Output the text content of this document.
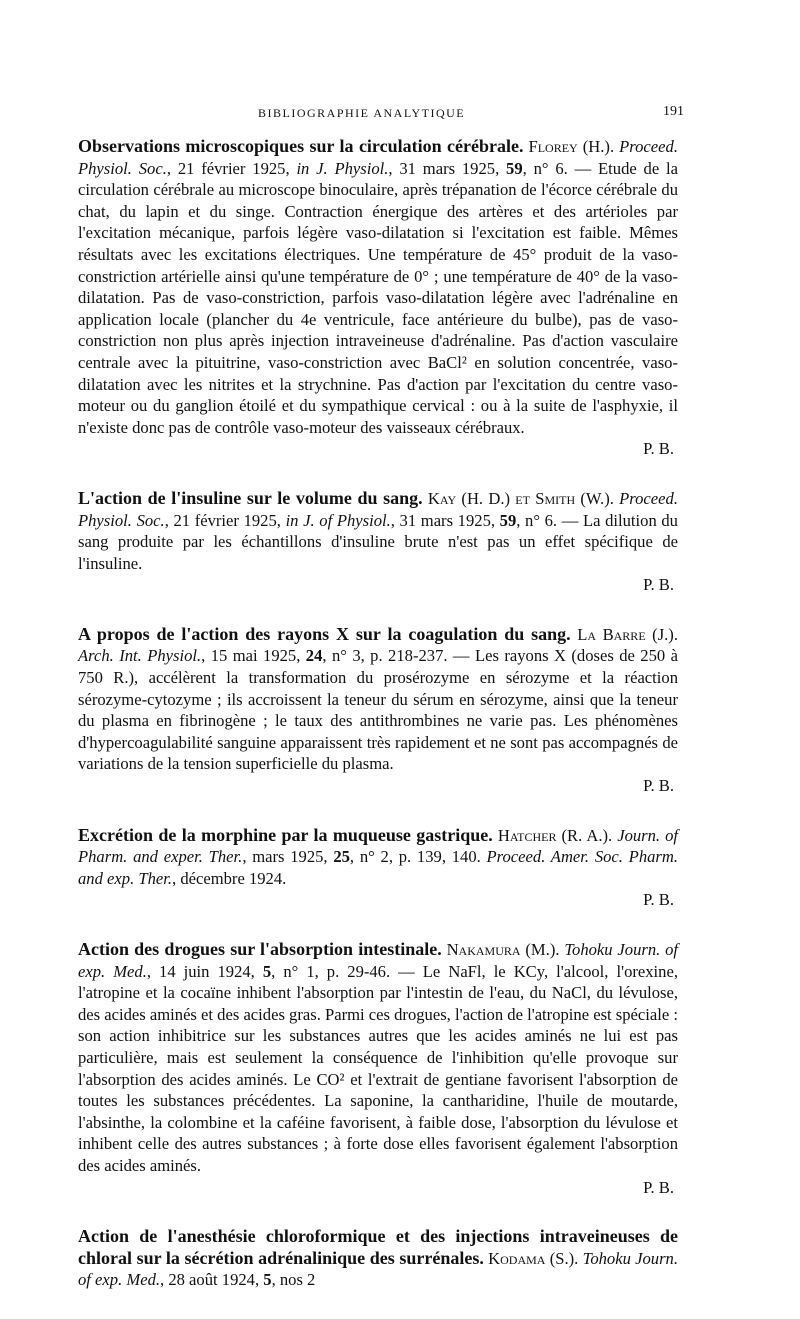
BIBLIOGRAPHIE ANALYTIQUE	191

Observations microscopiques sur la circulation cérébrale. Florey (H.). Proceed. Physiol. Soc., 21 février 1925, in J. Physiol., 31 mars 1925, 59, n° 6. — Etude de la circulation cérébrale au microscope binoculaire, après trépanation de l'écorce cérébrale du chat, du lapin et du singe. Contraction énergique des artères et des artérioles par l'excitation mécanique, parfois légère vaso-dilatation si l'excitation est faible. Mêmes résultats avec les excitations électriques. Une température de 45° produit de la vaso-constriction artérielle ainsi qu'une température de 0° ; une température de 40° de la vaso-dilatation. Pas de vaso-constriction, parfois vaso-dilatation légère avec l'adrénaline en application locale (plancher du 4e ventricule, face antérieure du bulbe), pas de vaso-constriction non plus après injection intraveineuse d'adrénaline. Pas d'action vasculaire centrale avec la pituitrine, vaso-constriction avec BaCl² en solution concentrée, vaso-dilatation avec les nitrites et la strychnine. Pas d'action par l'excitation du centre vaso-moteur ou du ganglion étoilé et du sympathique cervical : ou à la suite de l'asphyxie, il n'existe donc pas de contrôle vaso-moteur des vaisseaux cérébraux.
P. B.

L'action de l'insuline sur le volume du sang. Kay (H. D.) et Smith (W.). Proceed. Physiol. Soc., 21 février 1925, in J. of Physiol., 31 mars 1925, 59, n° 6. — La dilution du sang produite par les échantillons d'insuline brute n'est pas un effet spécifique de l'insuline.
P. B.

A propos de l'action des rayons X sur la coagulation du sang. La Barre (J.). Arch. Int. Physiol., 15 mai 1925, 24, n° 3, p. 218-237. — Les rayons X (doses de 250 à 750 R.), accélèrent la transformation du prosérozyme en sérozyme et la réaction sérozyme-cytozyme ; ils accroissent la teneur du sérum en sérozyme, ainsi que la teneur du plasma en fibrinogène ; le taux des antithrombines ne varie pas. Les phénomènes d'hypercoagulabilité sanguine apparaissent très rapidement et ne sont pas accompagnés de variations de la tension superficielle du plasma.
P. B.

Excrétion de la morphine par la muqueuse gastrique. Hatcher (R. A.). Journ. of Pharm. and exper. Ther., mars 1925, 25, n° 2, p. 139, 140. Proceed. Amer. Soc. Pharm. and exp. Ther., décembre 1924.
P. B.

Action des drogues sur l'absorption intestinale. Nakamura (M.). Tohoku Journ. of exp. Med., 14 juin 1924, 5, n° 1, p. 29-46. — Le NaFl, le KCy, l'alcool, l'orexine, l'atropine et la cocaïne inhibent l'absorption par l'intestin de l'eau, du NaCl, du lévulose, des acides aminés et des acides gras. Parmi ces drogues, l'action de l'atropine est spéciale : son action inhibitrice sur les substances autres que les acides aminés ne lui est pas particulière, mais est seulement la conséquence de l'inhibition qu'elle provoque sur l'absorption des acides aminés. Le CO² et l'extrait de gentiane favorisent l'absorption de toutes les substances précédentes. La saponine, la cantharidine, l'huile de moutarde, l'absinthe, la colombine et la caféine favorisent, à faible dose, l'absorption du lévulose et inhibent celle des autres substances ; à forte dose elles favorisent également l'absorption des acides aminés.
P. B.

Action de l'anesthésie chloroformique et des injections intraveineuses de chloral sur la sécrétion adrénalinique des surrénales. Kodama (S.). Tohoku Journ. of exp. Med., 28 août 1924, 5, nos 2
